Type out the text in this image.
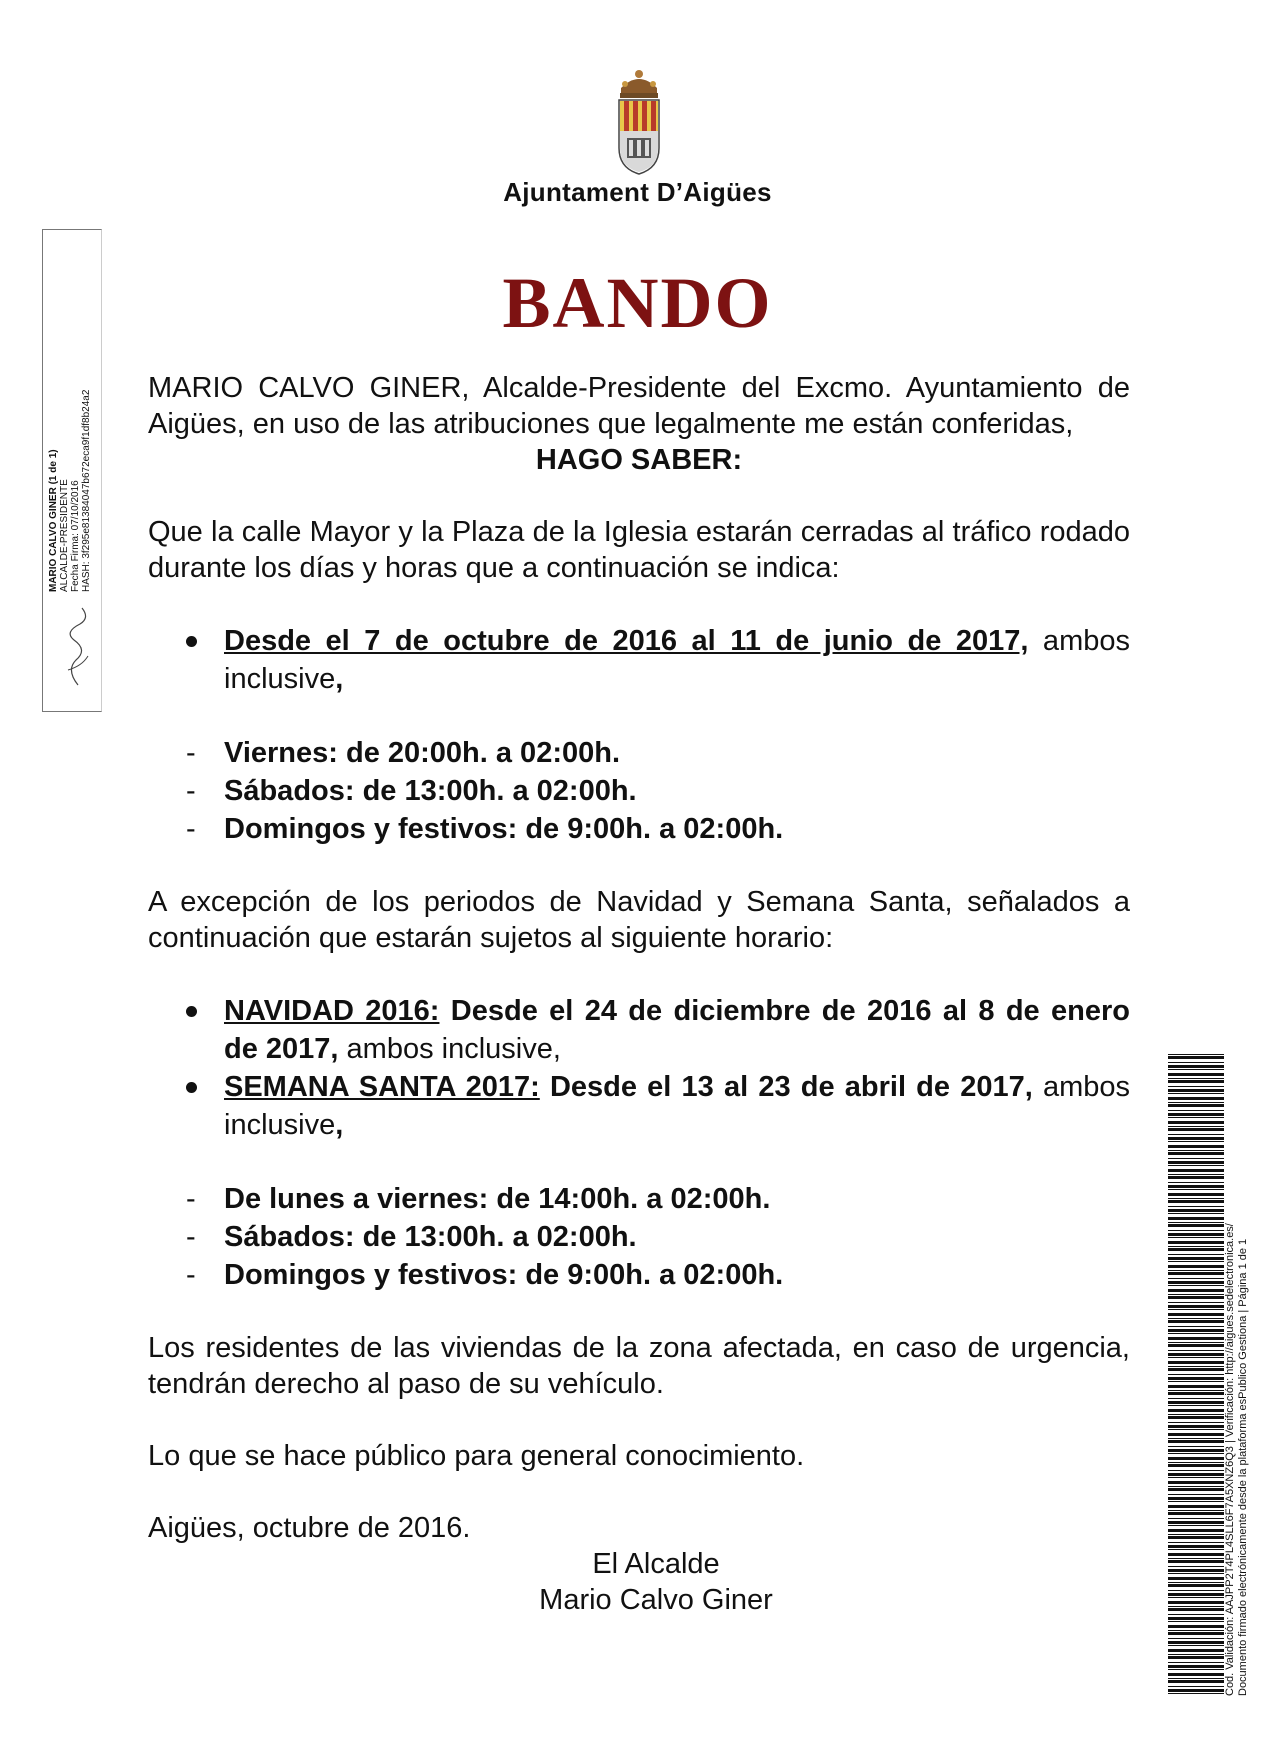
Ajuntament D’Aigües
BANDO

MARIO CALVO GINER, Alcalde-Presidente del Excmo. Ayuntamiento de Aigües, en uso de las atribuciones que legalmente me están conferidas,

HAGO SABER:

Que la calle Mayor y la Plaza de la Iglesia estarán cerradas al tráfico rodado durante los días y horas que a continuación se indica:

Desde el 7 de octubre de 2016 al 11 de junio de 2017, ambos inclusive,
- Viernes: de 20:00h. a 02:00h.
- Sábados: de 13:00h. a 02:00h.
- Domingos y festivos: de 9:00h. a 02:00h.

A excepción de los periodos de Navidad y Semana Santa, señalados a continuación que estarán sujetos al siguiente horario:

NAVIDAD 2016: Desde el 24 de diciembre de 2016 al 8 de enero de 2017, ambos inclusive,
SEMANA SANTA 2017: Desde el 13 al 23 de abril de 2017, ambos inclusive,
- De lunes a viernes: de 14:00h. a 02:00h.
- Sábados: de 13:00h. a 02:00h.
- Domingos y festivos: de 9:00h. a 02:00h.

Los residentes de las viviendas de la zona afectada, en caso de urgencia, tendrán derecho al paso de su vehículo.

Lo que se hace público para general conocimiento.

Aigües, octubre de 2016.

El Alcalde

Mario Calvo Giner

MARIO CALVO GINER (1 de 1) ALCALDE-PRESIDENTE Fecha Firma: 07/10/2016 HASH: 3f295e81384047b672eca9f1df8b24a2
Cod. Validación: AAJPP2T4PL4SLL6F7A5XNZ6Q3 | Verificación: http://aigues.sedelectronica.es/ Documento firmado electrónicamente desde la plataforma esPublico Gestiona | Página 1 de 1
